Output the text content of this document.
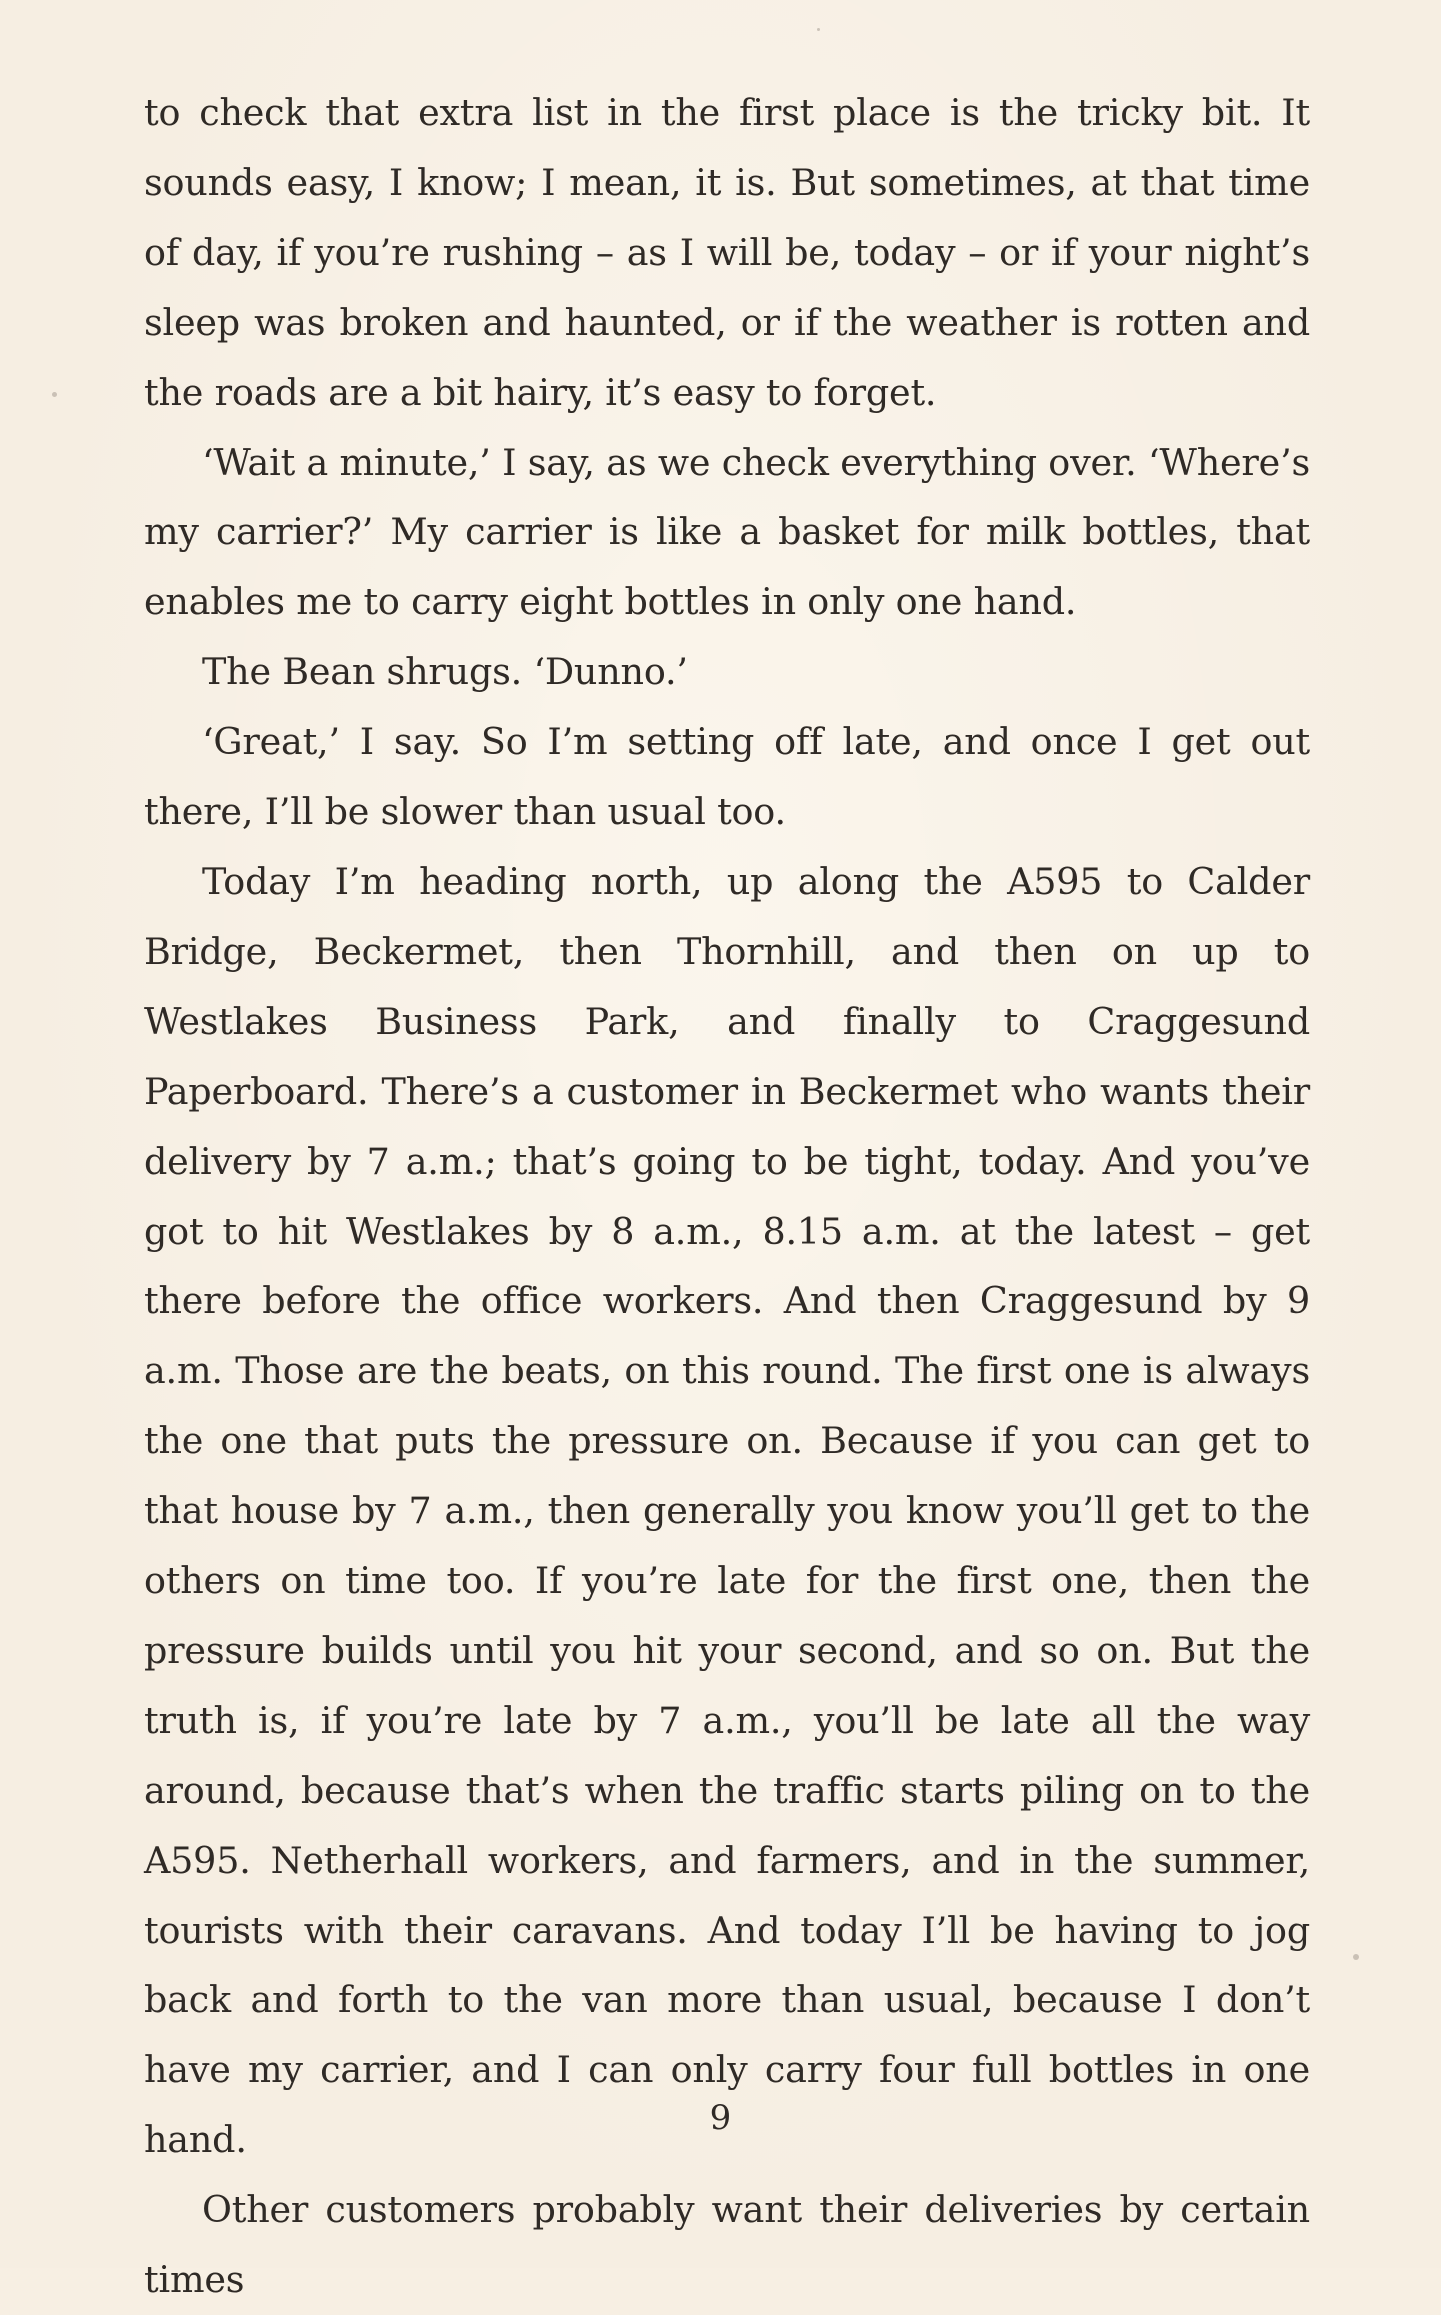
to check that extra list in the first place is the tricky bit. It sounds easy, I know; I mean, it is. But sometimes, at that time of day, if you’re rushing – as I will be, today – or if your night’s sleep was broken and haunted, or if the weather is rotten and the roads are a bit hairy, it’s easy to forget.

‘Wait a minute,’ I say, as we check everything over. ‘Where’s my carrier?’ My carrier is like a basket for milk bottles, that enables me to carry eight bottles in only one hand.

The Bean shrugs. ‘Dunno.’

‘Great,’ I say. So I’m setting off late, and once I get out there, I’ll be slower than usual too.

Today I’m heading north, up along the A595 to Calder Bridge, Beckermet, then Thornhill, and then on up to Westlakes Business Park, and finally to Craggesund Paperboard. There’s a customer in Beckermet who wants their delivery by 7 a.m.; that’s going to be tight, today. And you’ve got to hit Westlakes by 8 a.m., 8.15 a.m. at the latest – get there before the office workers. And then Craggesund by 9 a.m. Those are the beats, on this round. The first one is always the one that puts the pressure on. Because if you can get to that house by 7 a.m., then generally you know you’ll get to the others on time too. If you’re late for the first one, then the pressure builds until you hit your second, and so on. But the truth is, if you’re late by 7 a.m., you’ll be late all the way around, because that’s when the traffic starts piling on to the A595. Netherhall workers, and farmers, and in the summer, tourists with their caravans. And today I’ll be having to jog back and forth to the van more than usual, because I don’t have my carrier, and I can only carry four full bottles in one hand.

Other customers probably want their deliveries by certain times

9
